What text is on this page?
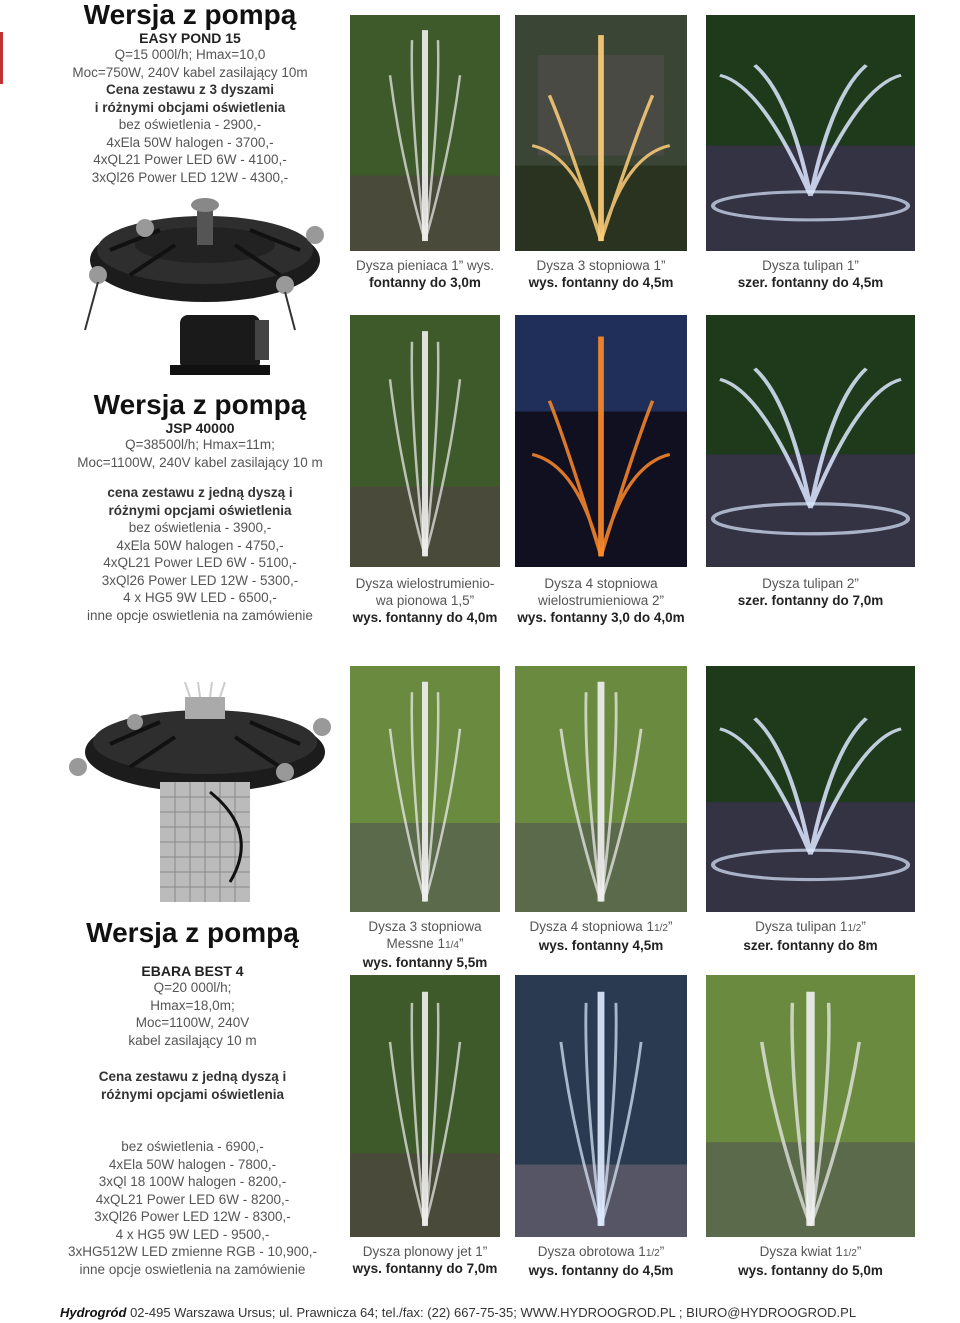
Wersja z pompą
EASY POND 15
Q=15 000l/h; Hmax=10,0
Moc=750W, 240V kabel zasilający 10m
Cena zestawu z 3 dyszami
i różnymi obcjami oświetlenia
bez oświetlenia - 2900,-
4xEla 50W halogen - 3700,-
4xQL21 Power LED 6W - 4100,-
3xQl26 Power LED 12W - 4300,-
Dysza pieniaca 1” wys.
fontanny do 3,0m
Dysza 3 stopniowa 1”
wys. fontanny do 4,5m
Dysza tulipan 1”
szer. fontanny do 4,5m
Wersja z pompą
JSP 40000
Q=38500l/h; Hmax=11m;
Moc=1100W, 240V kabel zasilający 10 m
cena zestawu z jedną dyszą i
różnymi opcjami oświetlenia
bez oświetlenia - 3900,-
4xEla 50W halogen - 4750,-
4xQL21 Power LED 6W - 5100,-
3xQl26 Power LED 12W - 5300,-
4 x HG5 9W LED - 6500,-
inne opcje oswietlenia na zamówienie
Dysza wielostrumienio-
wa pionowa 1,5”
wys. fontanny do 4,0m
Dysza 4 stopniowa
wielostrumieniowa 2”
wys. fontanny 3,0 do 4,0m
Dysza tulipan 2”
szer. fontanny do 7,0m
Wersja z pompą
EBARA BEST 4
Q=20 000l/h;
Hmax=18,0m;
Moc=1100W, 240V
kabel zasilający 10 m
Cena zestawu z jedną dyszą i
różnymi opcjami oświetlenia
bez oświetlenia - 6900,-
4xEla 50W halogen - 7800,-
3xQl 18 100W halogen - 8200,-
4xQL21 Power LED 6W - 8200,-
3xQl26 Power LED 12W - 8300,-
4 x HG5 9W LED - 9500,-
3xHG512W LED zmienne RGB - 10,900,-
inne opcje oswietlenia na zamówienie
Dysza 3 stopniowa
Messne 11/4”
wys. fontanny 5,5m
Dysza 4 stopniowa 11/2”
wys. fontanny 4,5m
Dysza tulipan 11/2”
szer. fontanny do 8m
Dysza plonowy jet 1”
wys. fontanny do 7,0m
Dysza obrotowa 11/2”
wys. fontanny do 4,5m
Dysza kwiat 11/2”
wys. fontanny do 5,0m
Hydrogród 02-495 Warszawa Ursus; ul. Prawnicza 64; tel./fax: (22) 667-75-35; WWW.HYDROOGROD.PL ; BIURO@HYDROOGROD.PL
